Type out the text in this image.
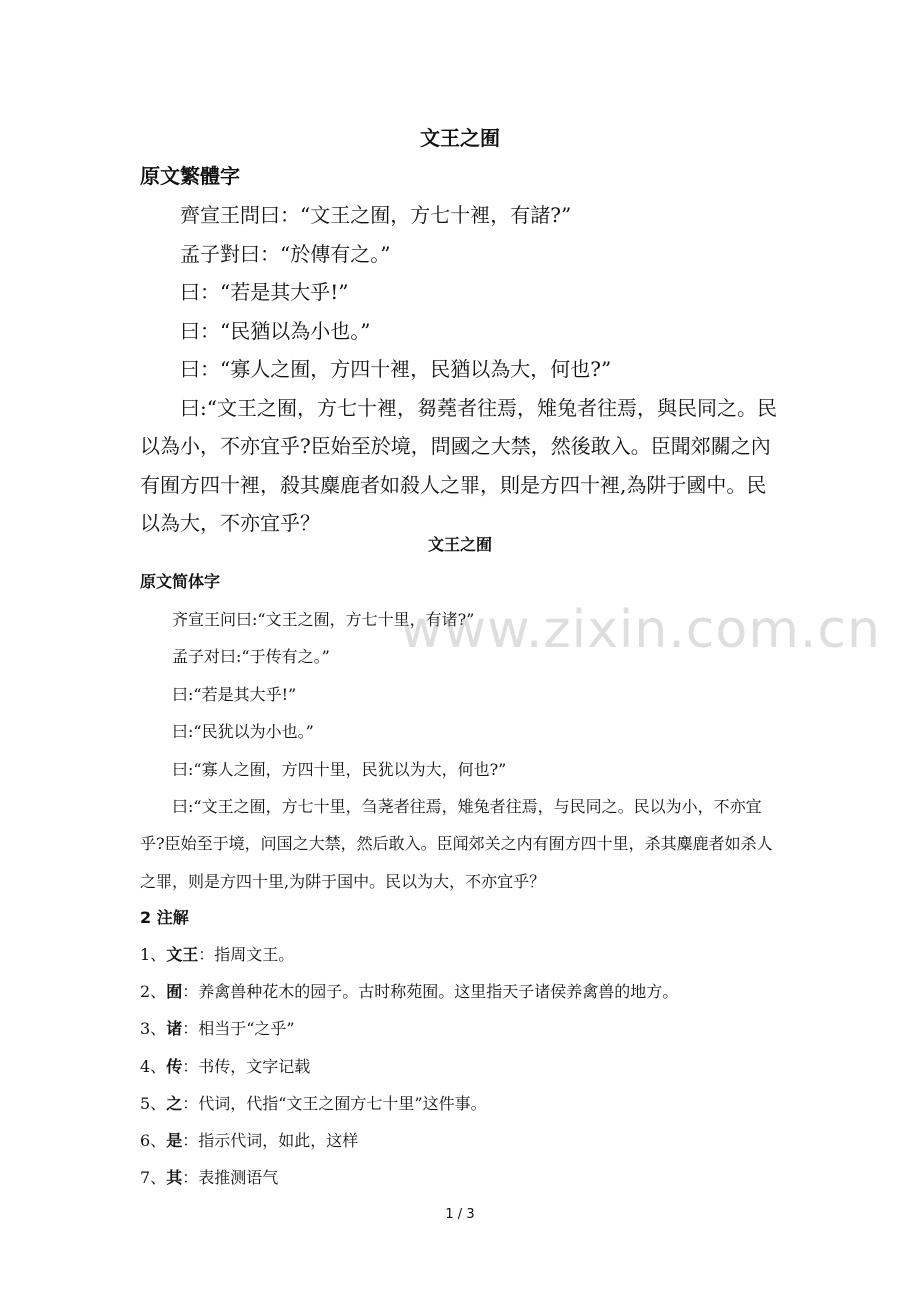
文王之囿
原文繁體字

齊宣王問曰：“文王之囿，方七十裡，有諸?”

孟子對曰：“於傳有之。”

曰：“若是其大乎!”

曰：“民猶以為小也。”

曰：“寡人之囿，方四十裡，民猶以為大，何也?”

曰:“文王之囿，方七十裡，芻蕘者往焉，雉兔者往焉，與民同之。民以為小，不亦宜乎?臣始至於境，問國之大禁，然後敢入。臣聞郊關之內有囿方四十裡，殺其麋鹿者如殺人之罪，則是方四十裡,為阱于國中。民以為大，不亦宜乎？

文王之囿
原文简体字

齐宣王问曰:“文王之囿，方七十里，有诸?”

孟子对曰:“于传有之。”

曰:“若是其大乎!”

曰:“民犹以为小也。”

曰:“寡人之囿，方四十里，民犹以为大，何也?”

曰:“文王之囿，方七十里，刍荛者往焉，雉兔者往焉，与民同之。民以为小，不亦宜乎?臣始至于境，问国之大禁，然后敢入。臣闻郊关之内有囿方四十里，杀其麋鹿者如杀人之罪，则是方四十里,为阱于国中。民以为大，不亦宜乎？

2 注解

1、文王：指周文王。

2、囿：养禽兽种花木的园子。古时称苑囿。这里指天子诸侯养禽兽的地方。

3、诸：相当于“之乎”

4、传：书传，文字记载

5、之：代词，代指“文王之囿方七十里”这件事。

6、是：指示代词，如此，这样

7、其：表推测语气

www.zixin.com.cn
1 / 3
